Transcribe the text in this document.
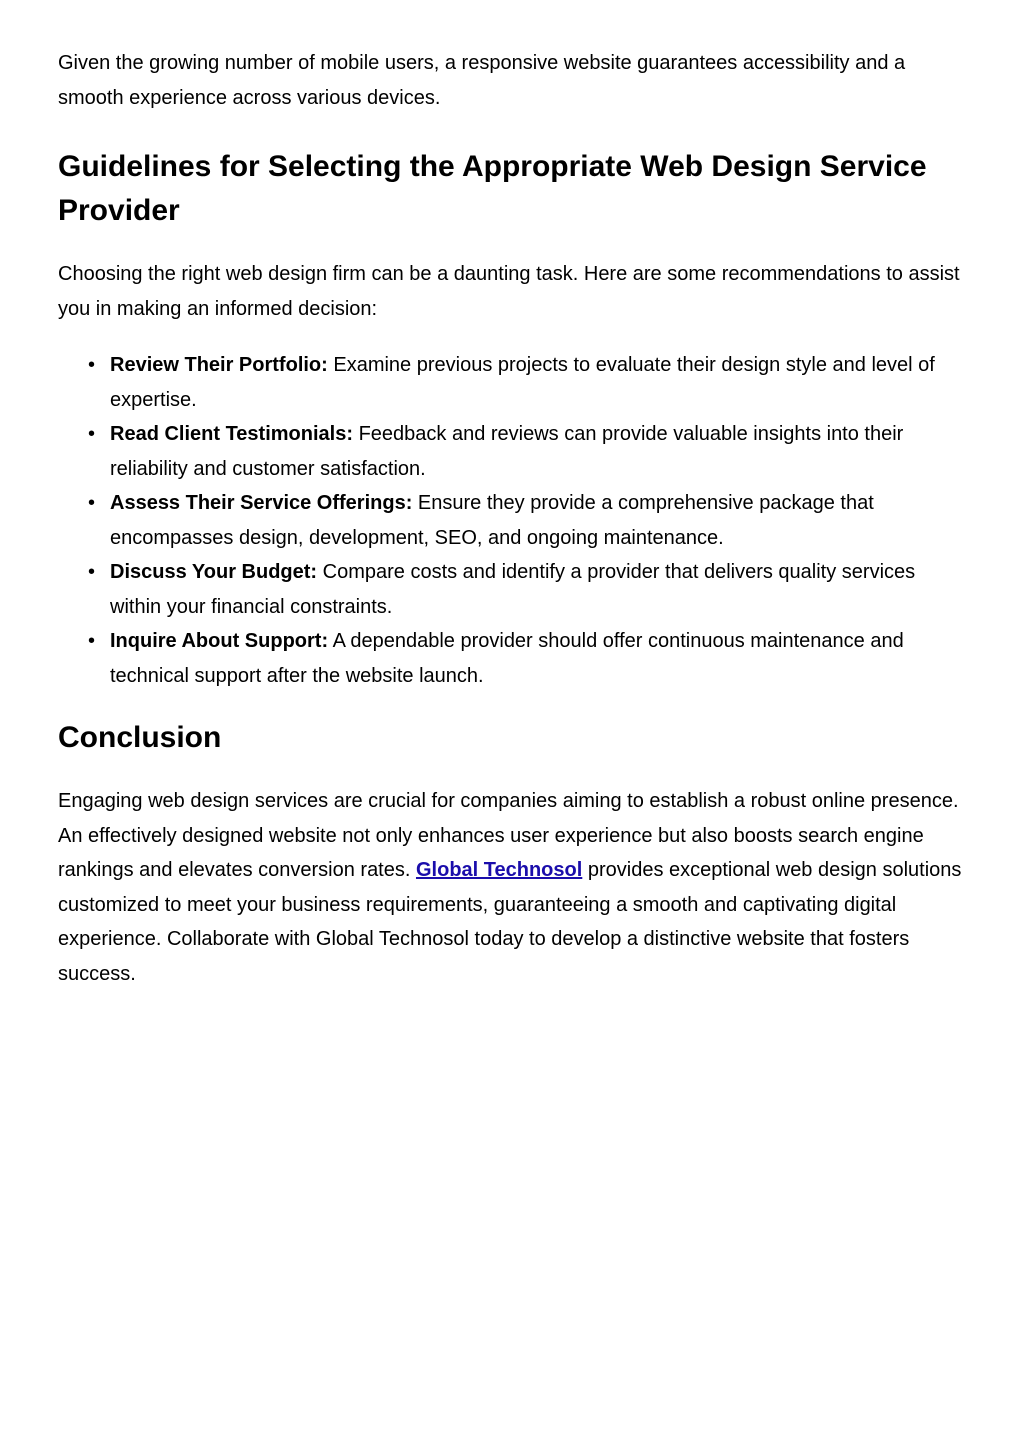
Given the growing number of mobile users, a responsive website guarantees accessibility and a smooth experience across various devices.

Guidelines for Selecting the Appropriate Web Design Service Provider

Choosing the right web design firm can be a daunting task. Here are some recommendations to assist you in making an informed decision:

• Review Their Portfolio: Examine previous projects to evaluate their design style and level of expertise.
• Read Client Testimonials: Feedback and reviews can provide valuable insights into their reliability and customer satisfaction.
• Assess Their Service Offerings: Ensure they provide a comprehensive package that encompasses design, development, SEO, and ongoing maintenance.
• Discuss Your Budget: Compare costs and identify a provider that delivers quality services within your financial constraints.
• Inquire About Support: A dependable provider should offer continuous maintenance and technical support after the website launch.
Conclusion

Engaging web design services are crucial for companies aiming to establish a robust online presence. An effectively designed website not only enhances user experience but also boosts search engine rankings and elevates conversion rates. Global Technosol provides exceptional web design solutions customized to meet your business requirements, guaranteeing a smooth and captivating digital experience. Collaborate with Global Technosol today to develop a distinctive website that fosters success.
